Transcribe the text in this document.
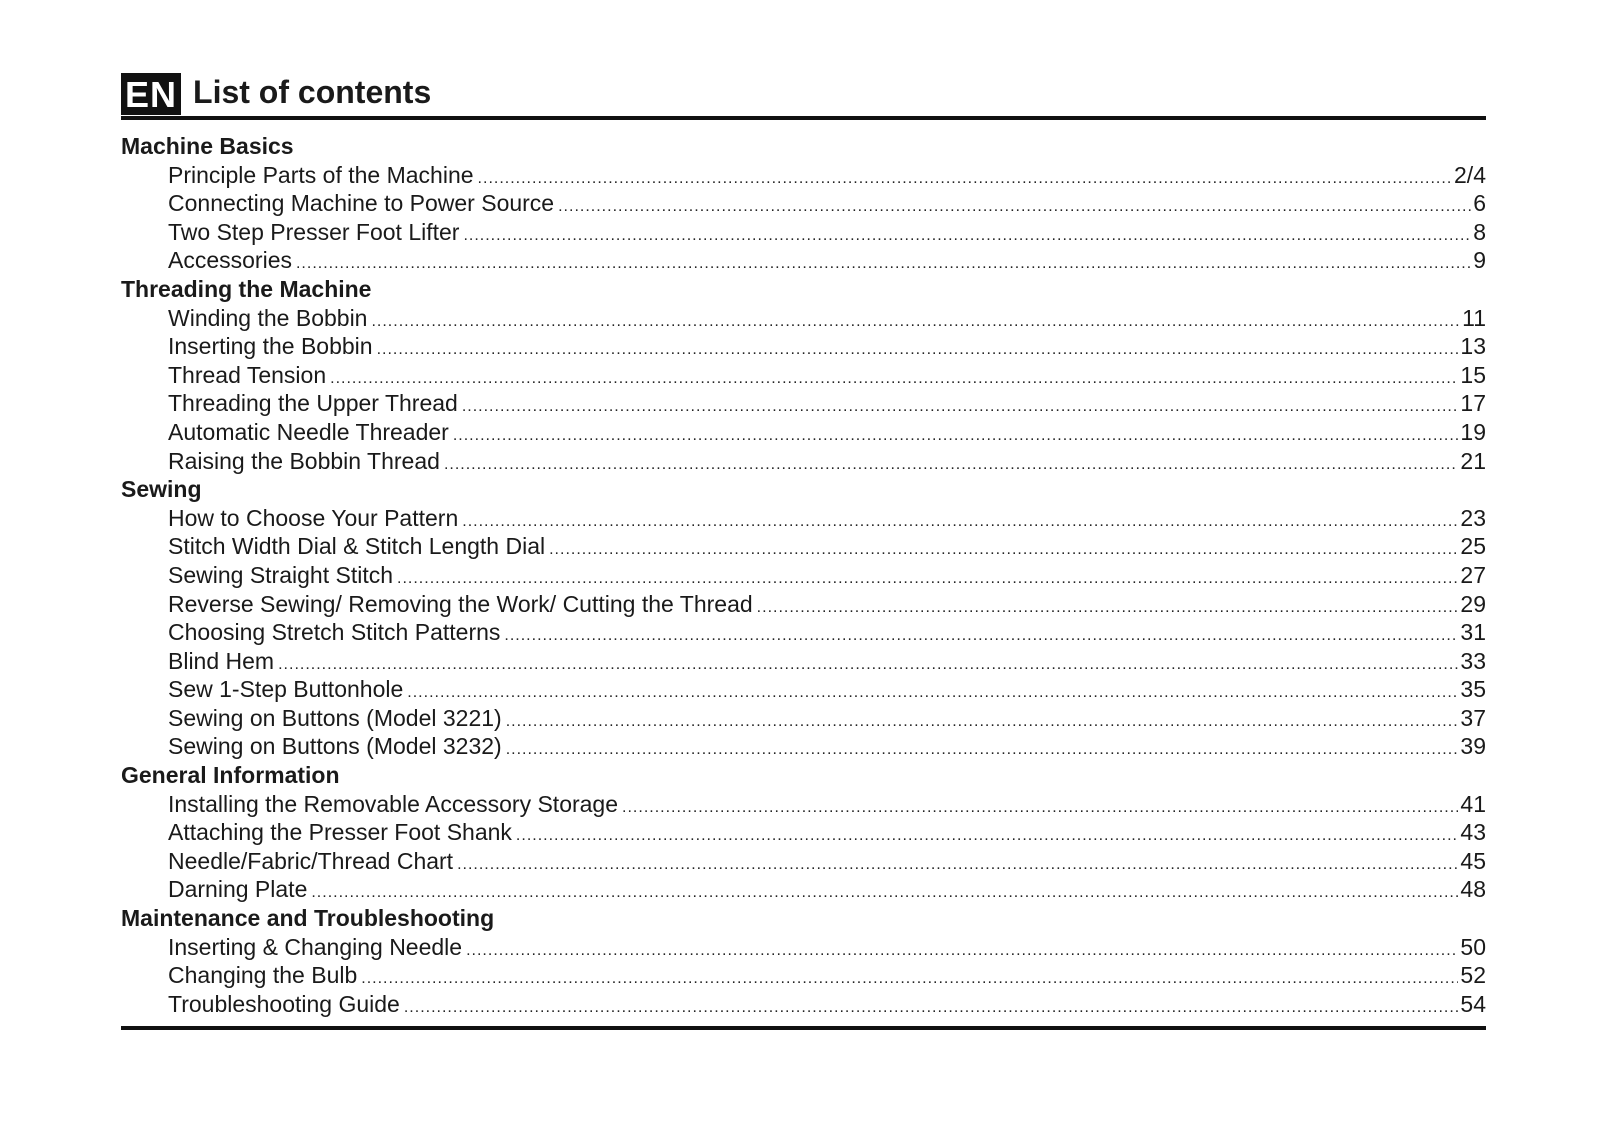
EN List of contents
Machine Basics
Principle Parts of the Machine .....	2/4
Connecting Machine to Power Source .....	6
Two Step Presser Foot Lifter .....	8
Accessories .....	9
Threading the Machine
Winding the Bobbin .....	11
Inserting the Bobbin .....	13
Thread Tension .....	15
Threading the Upper Thread .....	17
Automatic Needle Threader .....	19
Raising the Bobbin Thread .....	21
Sewing
How to Choose Your Pattern .....	23
Stitch Width Dial & Stitch Length Dial .....	25
Sewing Straight Stitch .....	27
Reverse Sewing/ Removing the Work/ Cutting the Thread .....	29
Choosing Stretch Stitch Patterns .....	31
Blind Hem .....	33
Sew 1-Step Buttonhole .....	35
Sewing on Buttons (Model 3221) .....	37
Sewing on Buttons (Model 3232) .....	39
General Information
Installing the Removable Accessory Storage .....	41
Attaching the Presser Foot Shank .....	43
Needle/Fabric/Thread Chart .....	45
Darning Plate .....	48
Maintenance and Troubleshooting
Inserting & Changing Needle .....	50
Changing the Bulb .....	52
Troubleshooting Guide .....	54
